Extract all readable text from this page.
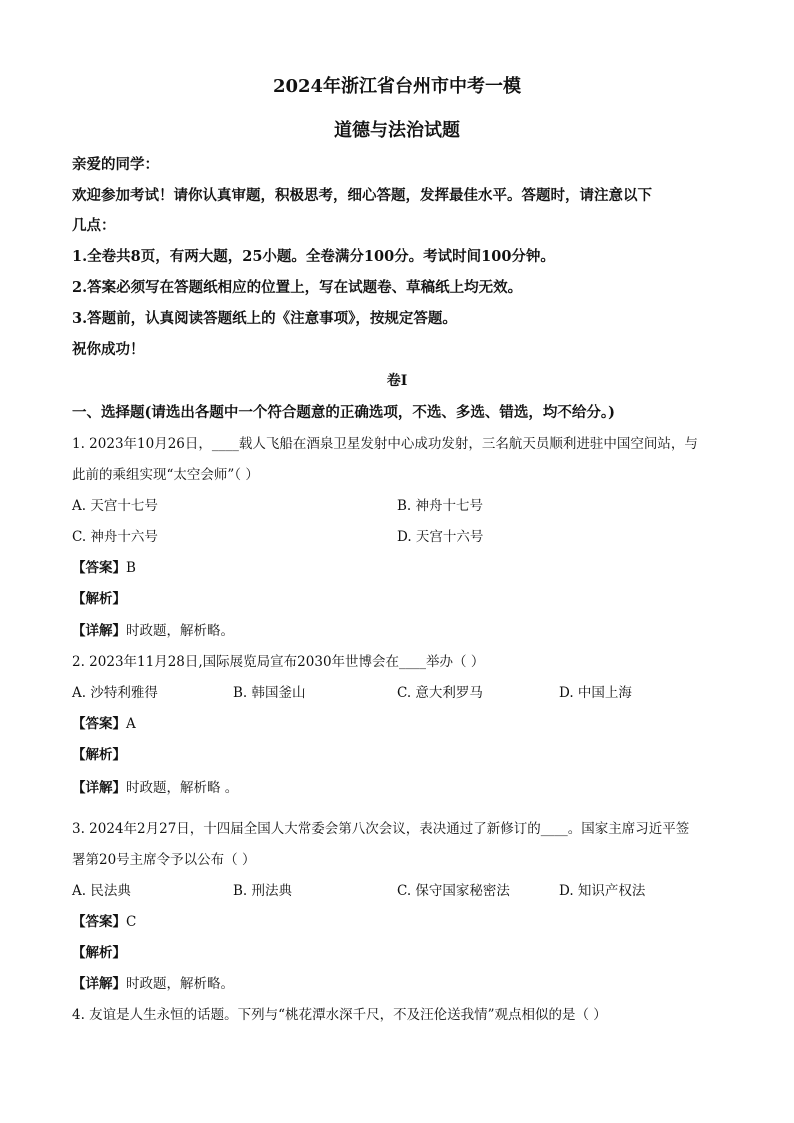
2024年浙江省台州市中考一模
道德与法治试题
亲爱的同学：
欢迎参加考试！请你认真审题，积极思考，细心答题，发挥最佳水平。答题时，请注意以下
几点：
1.全卷共8页，有两大题，25小题。全卷满分100分。考试时间100分钟。
2.答案必须写在答题纸相应的位置上，写在试题卷、草稿纸上均无效。
3.答题前，认真阅读答题纸上的《注意事项》，按规定答题。
祝你成功！
卷I
一、选择题(请选出各题中一个符合题意的正确选项，不选、多选、错选，均不给分。)
1. 2023年10月26日，____载人飞船在酒泉卫星发射中心成功发射，三名航天员顺利进驻中国空间站，与
此前的乘组实现“太空会师”（ ）
A. 天宫十七号	B. 神舟十七号
C. 神舟十六号	D. 天宫十六号
【答案】B
【解析】
【详解】时政题，解析略。
2. 2023年11月28日,国际展览局宣布2030年世博会在____举办（ ）
A. 沙特利雅得	B. 韩国釜山	C. 意大利罗马	D. 中国上海
【答案】A
【解析】
【详解】时政题，解析略 。
3. 2024年2月27日，十四届全国人大常委会第八次会议，表决通过了新修订的____。国家主席习近平签
署第20号主席令予以公布（ ）
A. 民法典	B. 刑法典	C. 保守国家秘密法	D. 知识产权法
【答案】C
【解析】
【详解】时政题，解析略。
4. 友谊是人生永恒的话题。下列与“桃花潭水深千尺，不及汪伦送我情”观点相似的是（ ）
